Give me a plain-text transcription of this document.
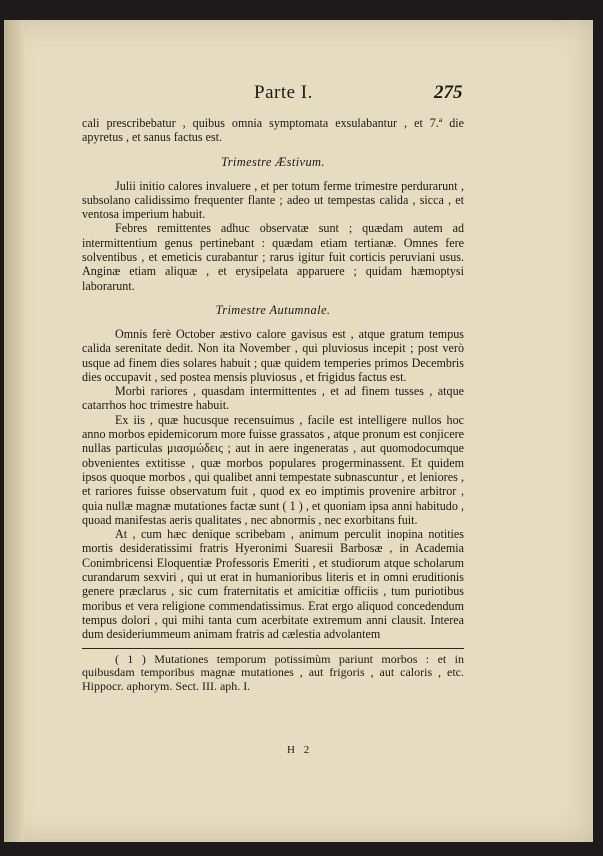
Parte I.	275

cali prescribebatur , quibus omnia symptomata exsulabantur , et 7.ª die apyretus , et sanus factus est.

Trimestre Æstivum.

Julii initio calores invaluere , et per totum ferme trimestre perdurarunt , subsolano calidissimo frequenter flante ; adeo ut tempestas calida , sicca , et ventosa imperium habuit.

Febres remittentes adhuc observatæ sunt ; quædam autem ad intermittentium genus pertinebant : quædam etiam tertianæ. Omnes fere solventibus , et emeticis curabantur ; rarus igitur fuit corticis peruviani usus. Anginæ etiam aliquæ , et erysipelata apparuere ; quidam hæmoptysi laborarunt.

Trimestre Autumnale.

Omnis ferè October æstivo calore gavisus est , atque gratum tempus calida serenitate dedit. Non ita November , qui pluviosus incepit ; post verò usque ad finem dies solares habuit ; quæ quidem temperies primos Decembris dies occupavit , sed postea mensis pluviosus , et frigidus factus est.

Morbi rariores , quasdam intermittentes , et ad finem tusses , atque catarrhos hoc trimestre habuit.

Ex iis , quæ hucusque recensuimus , facile est intelligere nullos hoc anno morbos epidemicorum more fuisse grassatos , atque pronum est conjicere nullas particulas μιασμώδεις ; aut in aere ingeneratas , aut quomodocumque obvenientes extitisse , quæ morbos populares progerminassent. Et quidem ipsos quoque morbos , qui qualibet anni tempestate subnascuntur , et leniores , et rariores fuisse observatum fuit , quod ex eo imptimis provenire arbitror , quia nullæ magnæ mutationes factæ sunt ( 1 ) , et quoniam ipsa anni habitudo , quoad manifestas aeris qualitates , nec abnormis , nec exorbitans fuit.

At , cum hæc denique scribebam , animum perculit inopina notities mortis desideratissimi fratris Hyeronimi Suaresii Barbosæ , in Academia Conimbricensi Eloquentiæ Professoris Emeriti , et studiorum atque scholarum curandarum sexviri , qui ut erat in humanioribus literis et in omni eruditionis genere præclarus , sic cum fraternitatis et amicitiæ officiis , tum puriotibus moribus et vera religione commendatissimus. Erat ergo aliquod concedendum tempus dolori , qui mihi tanta cum acerbitate extremum anni clausit. Interea dum desideriummeum animam fratris ad cælestia advolantem

( 1 ) Mutationes temporum potissimùm pariunt morbos : et in quibusdam temporibus magnæ mutationes , aut frigoris , aut caloris , etc. Hippocr. aphorym. Sect. III. aph. I.

H 2
